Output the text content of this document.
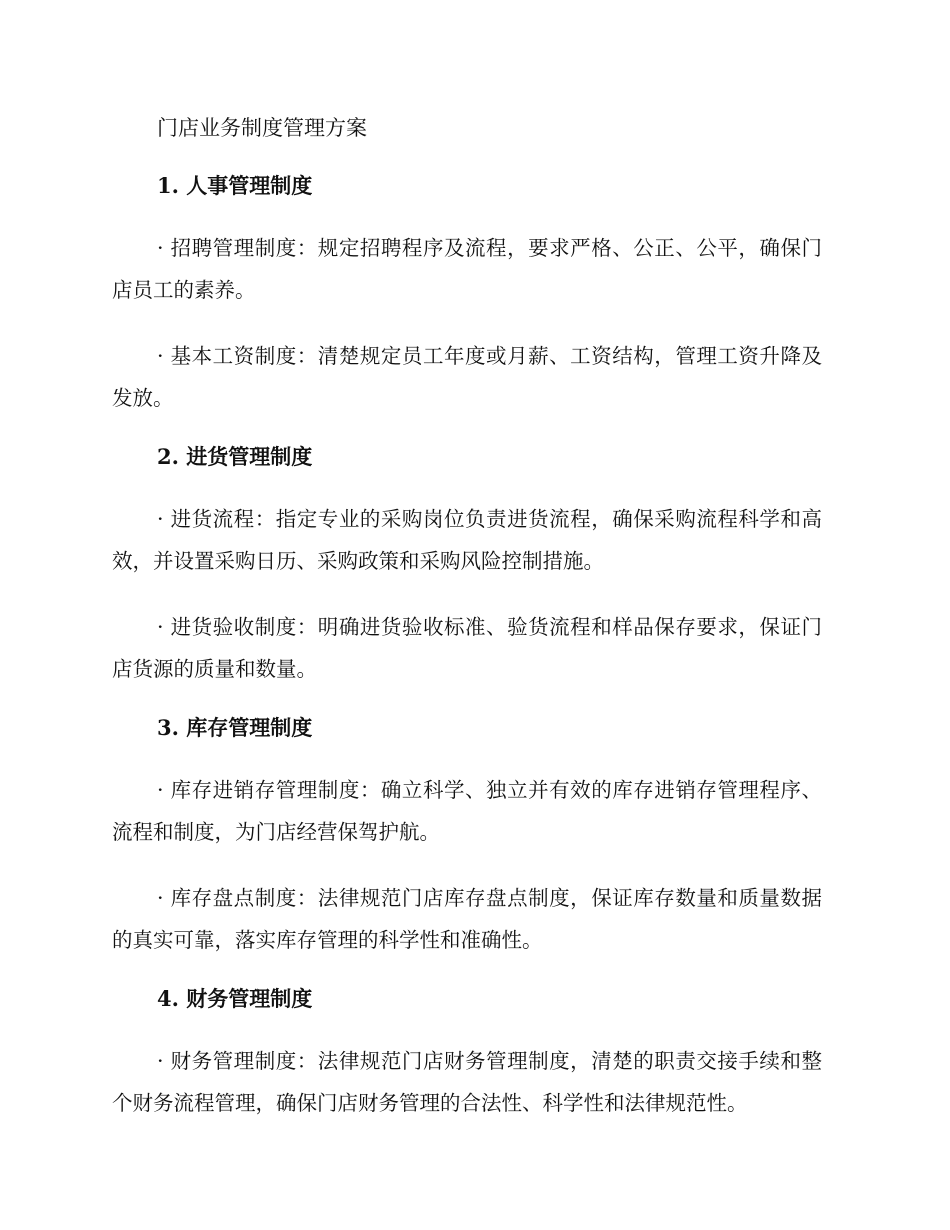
门店业务制度管理方案
1. 人事管理制度

· 招聘管理制度：规定招聘程序及流程，要求严格、公正、公平，确保门店员工的素养。

· 基本工资制度：清楚规定员工年度或月薪、工资结构，管理工资升降及发放。

2. 进货管理制度

· 进货流程：指定专业的采购岗位负责进货流程，确保采购流程科学和高效，并设置采购日历、采购政策和采购风险控制措施。

· 进货验收制度：明确进货验收标准、验货流程和样品保存要求，保证门店货源的质量和数量。

3. 库存管理制度

· 库存进销存管理制度：确立科学、独立并有效的库存进销存管理程序、流程和制度，为门店经营保驾护航。

· 库存盘点制度：法律规范门店库存盘点制度，保证库存数量和质量数据的真实可靠，落实库存管理的科学性和准确性。

4. 财务管理制度

· 财务管理制度：法律规范门店财务管理制度，清楚的职责交接手续和整个财务流程管理，确保门店财务管理的合法性、科学性和法律规范性。
